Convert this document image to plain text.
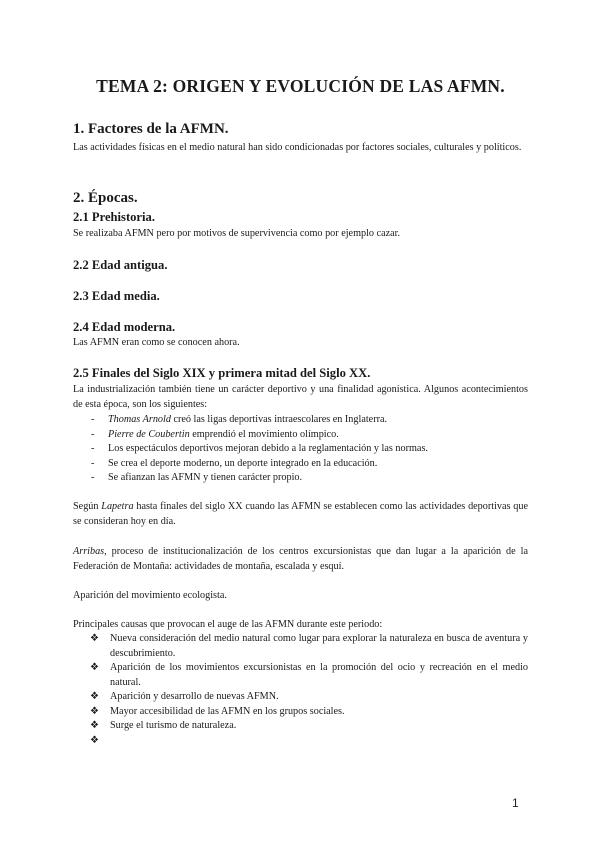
TEMA 2: ORIGEN Y EVOLUCIÓN DE LAS AFMN.
1. Factores de la AFMN.
Las actividades físicas en el medio natural han sido condicionadas por factores sociales, culturales y políticos.
2. Épocas.
2.1 Prehistoria.
Se realizaba AFMN pero por motivos de supervivencia como por ejemplo cazar.
2.2 Edad antigua.
2.3 Edad media.
2.4 Edad moderna.
Las AFMN eran como se conocen ahora.
2.5 Finales del Siglo XIX y primera mitad del Siglo XX.
La industrialización también tiene un carácter deportivo y una finalidad agonística. Algunos acontecimientos de esta época, son los siguientes:
- Thomas Arnold creó las ligas deportivas intraescolares en Inglaterra.
- Pierre de Coubertin emprendió el movimiento olímpico.
- Los espectáculos deportivos mejoran debido a la reglamentación y las normas.
- Se crea el deporte moderno, un deporte integrado en la educación.
- Se afianzan las AFMN y tienen carácter propio.
Según Lapetra hasta finales del siglo XX cuando las AFMN se establecen como las actividades deportivas que se consideran hoy en día.
Arribas, proceso de institucionalización de los centros excursionistas que dan lugar a la aparición de la Federación de Montaña: actividades de montaña, escalada y esquí.
Aparición del movimiento ecologista.
Principales causas que provocan el auge de las AFMN durante este periodo:
❖ Nueva consideración del medio natural como lugar para explorar la naturaleza en busca de aventura y descubrimiento.
❖ Aparición de los movimientos excursionistas en la promoción del ocio y recreación en el medio natural.
❖ Aparición y desarrollo de nuevas AFMN.
❖ Mayor accesibilidad de las AFMN en los grupos sociales.
❖ Surge el turismo de naturaleza.
❖
1
